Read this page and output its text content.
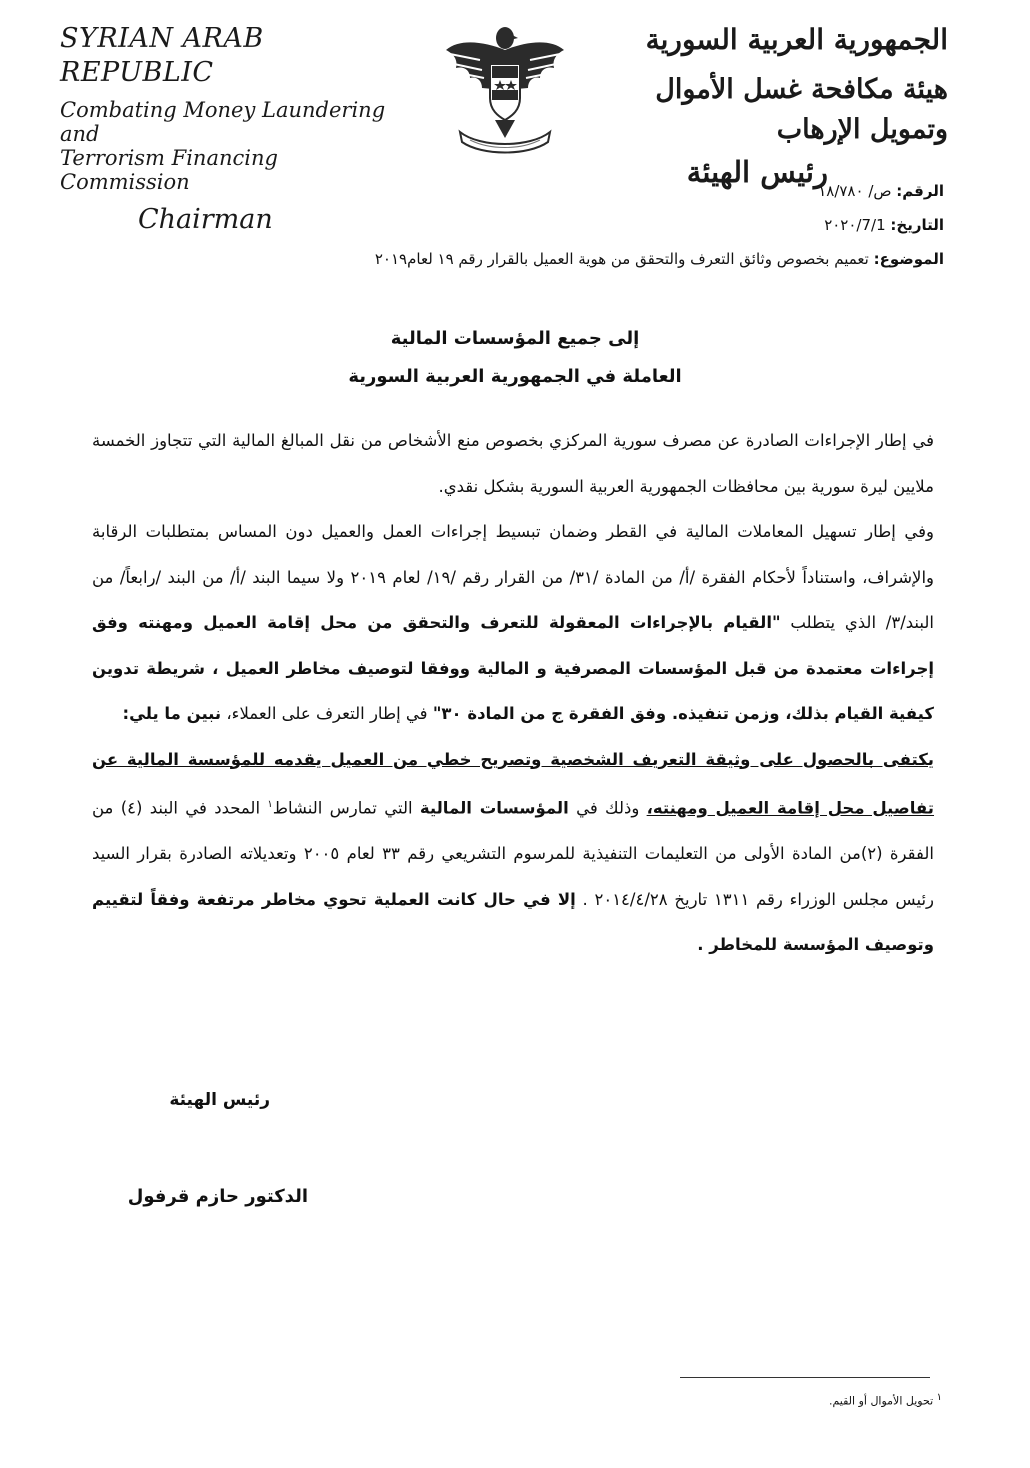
SYRIAN ARAB REPUBLIC
Combating Money Laundering and
Terrorism Financing Commission
Chairman
الجمهورية العربية السورية
هيئة مكافحة غسل الأموال وتمويل الإرهاب
رئيس الهيئة
الرقم: ص/ ١٨/٧٨٠
التاريخ: ٢٠٢٠/7/1
الموضوع: تعميم بخصوص وثائق التعرف والتحقق من هوية العميل بالقرار رقم ١٩ لعام٢٠١٩
إلى جميع المؤسسات المالية
العاملة في الجمهورية العربية السورية

في إطار الإجراءات الصادرة عن مصرف سورية المركزي بخصوص منع الأشخاص من نقل المبالغ المالية التي تتجاوز الخمسة ملايين ليرة سورية بين محافظات الجمهورية العربية السورية بشكل نقدي.

وفي إطار تسهيل المعاملات المالية في القطر وضمان تبسيط إجراءات العمل والعميل دون المساس بمتطلبات الرقابة والإشراف، واستناداً لأحكام الفقرة /أ/ من المادة /٣١/ من القرار رقم /١٩/ لعام ٢٠١٩ ولا سيما البند /أ/ من البند /رابعاً/ من البند/٣/ الذي يتطلب "القيام بالإجراءات المعقولة للتعرف والتحقق من محل إقامة العميل ومهنته وفق إجراءات معتمدة من قبل المؤسسات المصرفية و المالية ووفقا لتوصيف مخاطر العميل ، شريطة تدوين كيفية القيام بذلك، وزمن تنفيذه. وفق الفقرة ج من المادة ٣٠" في إطار التعرف على العملاء، نبين ما يلي:

يكتفى بالحصول على وثيقة التعريف الشخصية وتصريح خطي من العميل يقدمه للمؤسسة المالية عن تفاصيل محل إقامة العميل ومهنته، وذلك في المؤسسات المالية التي تمارس النشاط$^١$ المحدد في البند (٤) من الفقرة (٢)من المادة الأولى من التعليمات التنفيذية للمرسوم التشريعي رقم ٣٣ لعام ٢٠٠٥ وتعديلاته الصادرة بقرار السيد رئيس مجلس الوزراء رقم ١٣١١ تاريخ ٢٠١٤/٤/٢٨ . إلا في حال كانت العملية تحوي مخاطر مرتفعة وفقاً لتقييم وتوصيف المؤسسة للمخاطر .

رئيس الهيئة
الدكتور حازم قرفول
$^١$ تحويل الأموال أو القيم.
